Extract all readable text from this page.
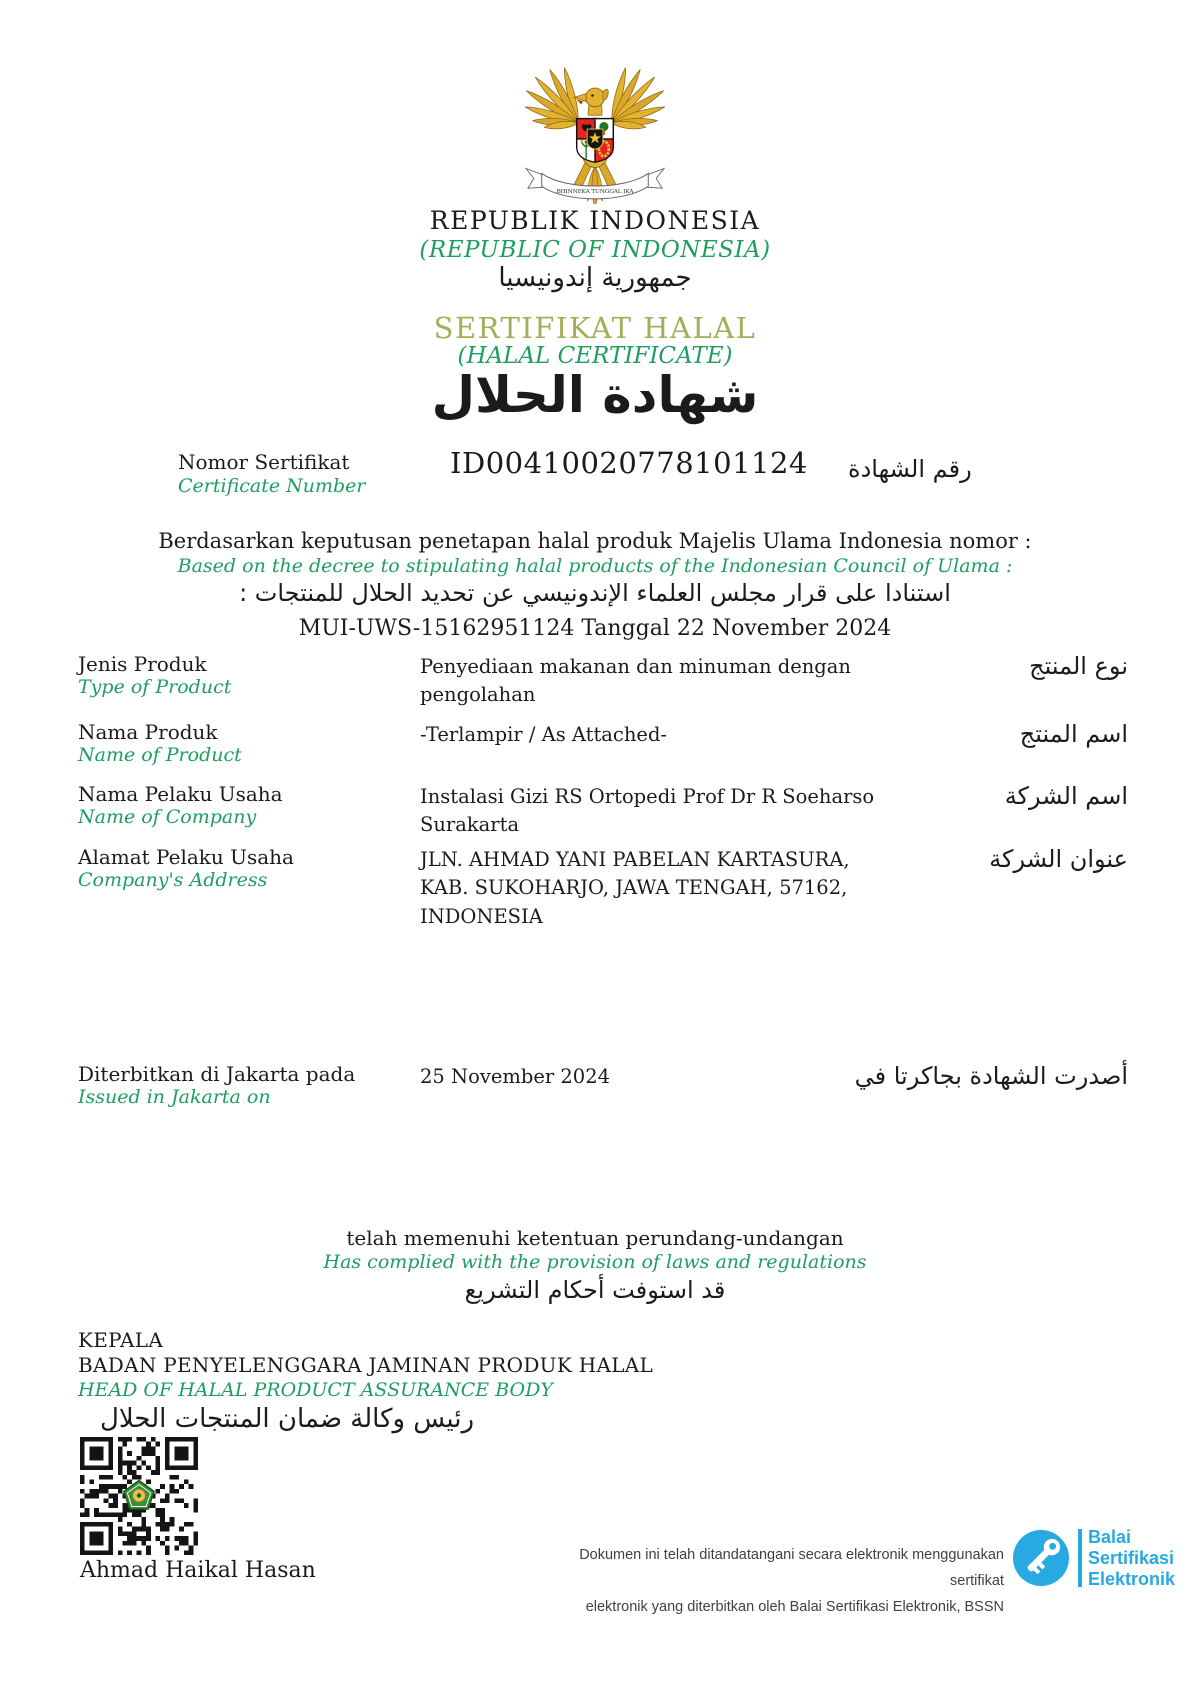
BHINNEKA TUNGGAL IKA
REPUBLIK INDONESIA
(REPUBLIC OF INDONESIA)
جمهورية إندونيسيا
SERTIFIKAT HALAL
(HALAL CERTIFICATE)
شهادة الحلال
Nomor Sertifikat
Certificate Number
ID00410020778101124 رقم الشهادة
Berdasarkan keputusan penetapan halal produk Majelis Ulama Indonesia nomor :
Based on the decree to stipulating halal products of the Indonesian Council of Ulama :
استنادا على قرار مجلس العلماء الإندونيسي عن تحديد الحلال للمنتجات :
MUI-UWS-15162951124 Tanggal 22 November 2024
Jenis Produk
Type of Product
Penyediaan makanan dan minuman dengan pengolahan
نوع المنتج
Nama Produk
Name of Product
-Terlampir / As Attached-	اسم المنتج
Nama Pelaku Usaha
Name of Company
Instalasi Gizi RS Ortopedi Prof Dr R Soeharso Surakarta
اسم الشركة
Alamat Pelaku Usaha
Company's Address
JLN. AHMAD YANI PABELAN KARTASURA, KAB. SUKOHARJO, JAWA TENGAH, 57162, INDONESIA
عنوان الشركة
Diterbitkan di Jakarta pada
Issued in Jakarta on
25 November 2024	أصدرت الشهادة بجاكرتا في
telah memenuhi ketentuan perundang-undangan
Has complied with the provision of laws and regulations
قد استوفت أحكام التشريع
KEPALA
BADAN PENYELENGGARA JAMINAN PRODUK HALAL
HEAD OF HALAL PRODUCT ASSURANCE BODY
رئيس وكالة ضمان المنتجات الحلال
Ahmad Haikal Hasan
Dokumen ini telah ditandatangani secara elektronik menggunakan sertifikat
elektronik yang diterbitkan oleh Balai Sertifikasi Elektronik, BSSN
Balai
Sertifikasi
Elektronik
